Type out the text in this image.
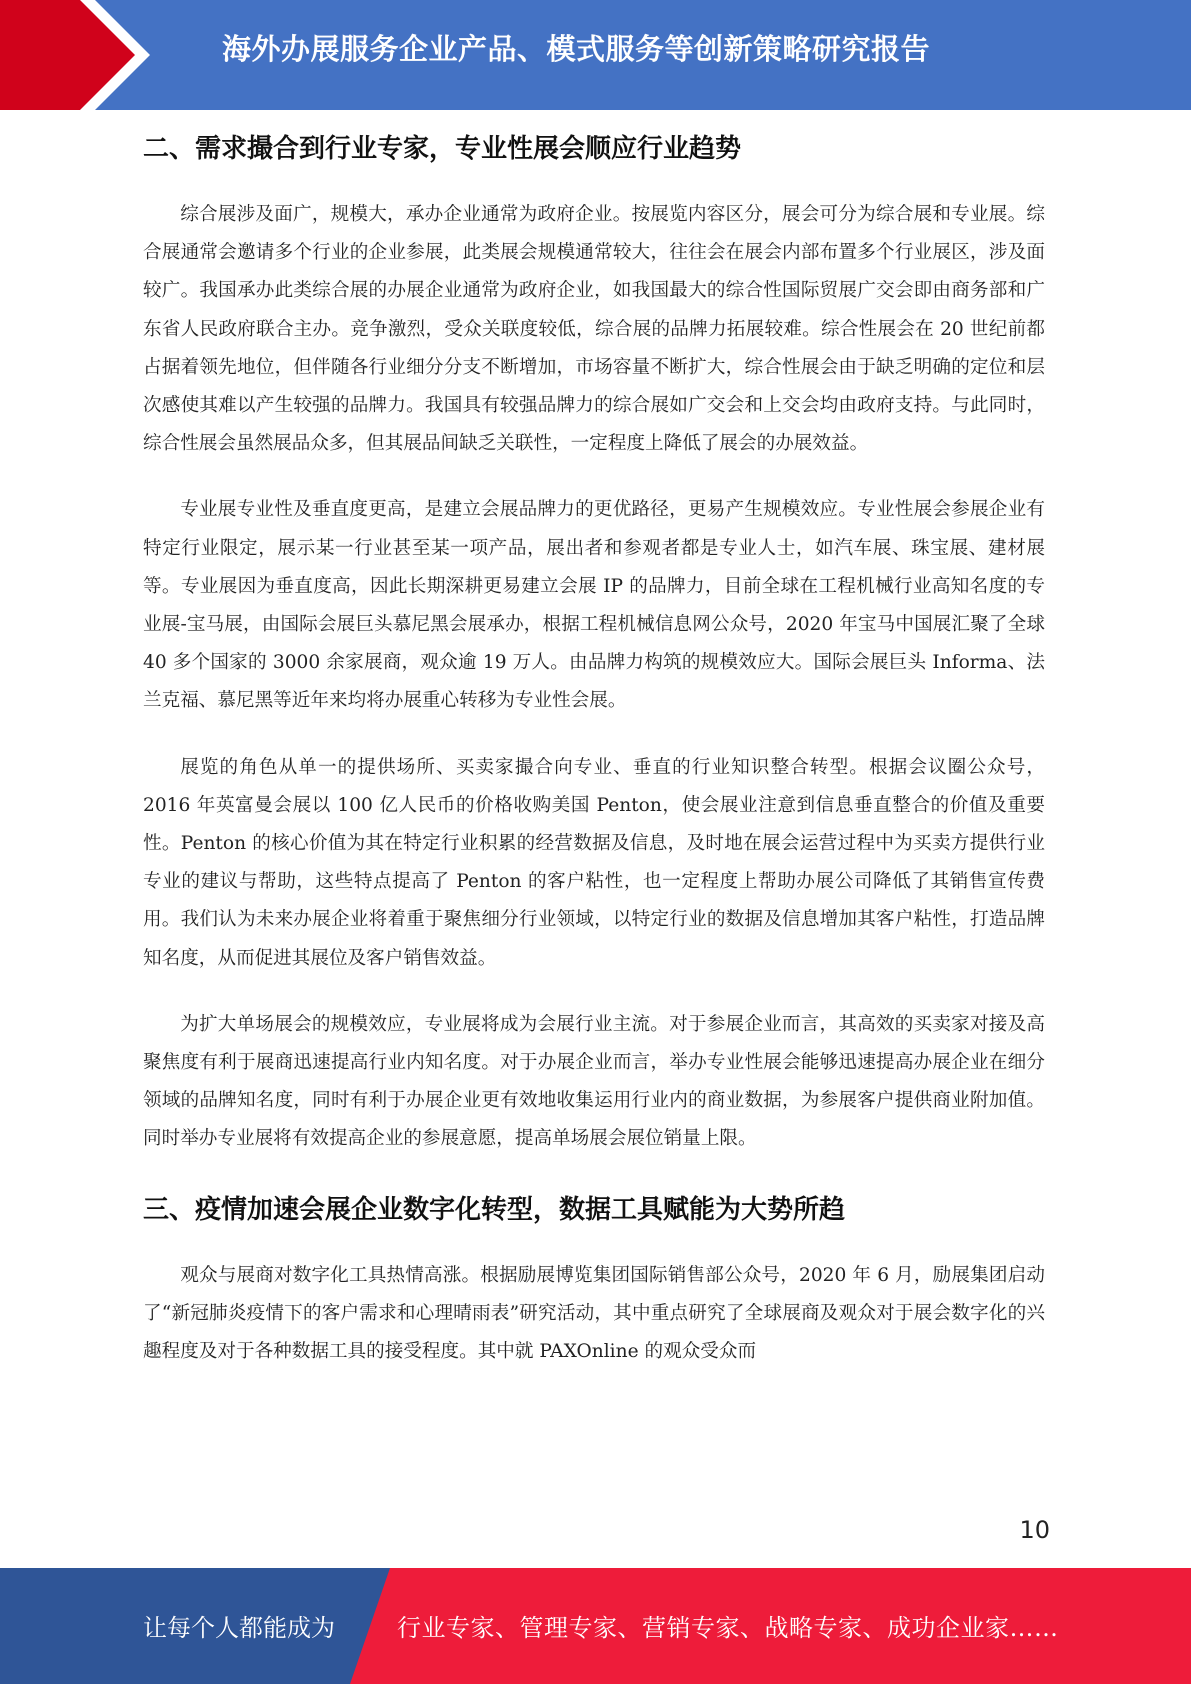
海外办展服务企业产品、模式服务等创新策略研究报告
二、需求撮合到行业专家，专业性展会顺应行业趋势

综合展涉及面广，规模大，承办企业通常为政府企业。按展览内容区分，展会可分为综合展和专业展。综合展通常会邀请多个行业的企业参展，此类展会规模通常较大，往往会在展会内部布置多个行业展区，涉及面较广。我国承办此类综合展的办展企业通常为政府企业，如我国最大的综合性国际贸展广交会即由商务部和广东省人民政府联合主办。竞争激烈，受众关联度较低，综合展的品牌力拓展较难。综合性展会在 20 世纪前都占据着领先地位，但伴随各行业细分分支不断增加，市场容量不断扩大，综合性展会由于缺乏明确的定位和层次感使其难以产生较强的品牌力。我国具有较强品牌力的综合展如广交会和上交会均由政府支持。与此同时，综合性展会虽然展品众多，但其展品间缺乏关联性，一定程度上降低了展会的办展效益。

专业展专业性及垂直度更高，是建立会展品牌力的更优路径，更易产生规模效应。专业性展会参展企业有特定行业限定，展示某一行业甚至某一项产品，展出者和参观者都是专业人士，如汽车展、珠宝展、建材展等。专业展因为垂直度高，因此长期深耕更易建立会展 IP 的品牌力，目前全球在工程机械行业高知名度的专业展-宝马展，由国际会展巨头慕尼黑会展承办，根据工程机械信息网公众号，2020 年宝马中国展汇聚了全球 40 多个国家的 3000 余家展商，观众逾 19 万人。由品牌力构筑的规模效应大。国际会展巨头 Informa、法兰克福、慕尼黑等近年来均将办展重心转移为专业性会展。

展览的角色从单一的提供场所、买卖家撮合向专业、垂直的行业知识整合转型。根据会议圈公众号，2016 年英富曼会展以 100 亿人民币的价格收购美国 Penton，使会展业注意到信息垂直整合的价值及重要性。Penton 的核心价值为其在特定行业积累的经营数据及信息，及时地在展会运营过程中为买卖方提供行业专业的建议与帮助，这些特点提高了 Penton 的客户粘性，也一定程度上帮助办展公司降低了其销售宣传费用。我们认为未来办展企业将着重于聚焦细分行业领域，以特定行业的数据及信息增加其客户粘性，打造品牌知名度，从而促进其展位及客户销售效益。

为扩大单场展会的规模效应，专业展将成为会展行业主流。对于参展企业而言，其高效的买卖家对接及高聚焦度有利于展商迅速提高行业内知名度。对于办展企业而言，举办专业性展会能够迅速提高办展企业在细分领域的品牌知名度，同时有利于办展企业更有效地收集运用行业内的商业数据，为参展客户提供商业附加值。同时举办专业展将有效提高企业的参展意愿，提高单场展会展位销量上限。

三、疫情加速会展企业数字化转型，数据工具赋能为大势所趋

观众与展商对数字化工具热情高涨。根据励展博览集团国际销售部公众号，2020 年 6 月，励展集团启动了“新冠肺炎疫情下的客户需求和心理晴雨表”研究活动，其中重点研究了全球展商及观众对于展会数字化的兴趣程度及对于各种数据工具的接受程度。其中就 PAXOnline 的观众受众而

10
让每个人都能成为	行业专家、管理专家、营销专家、战略专家、成功企业家……
